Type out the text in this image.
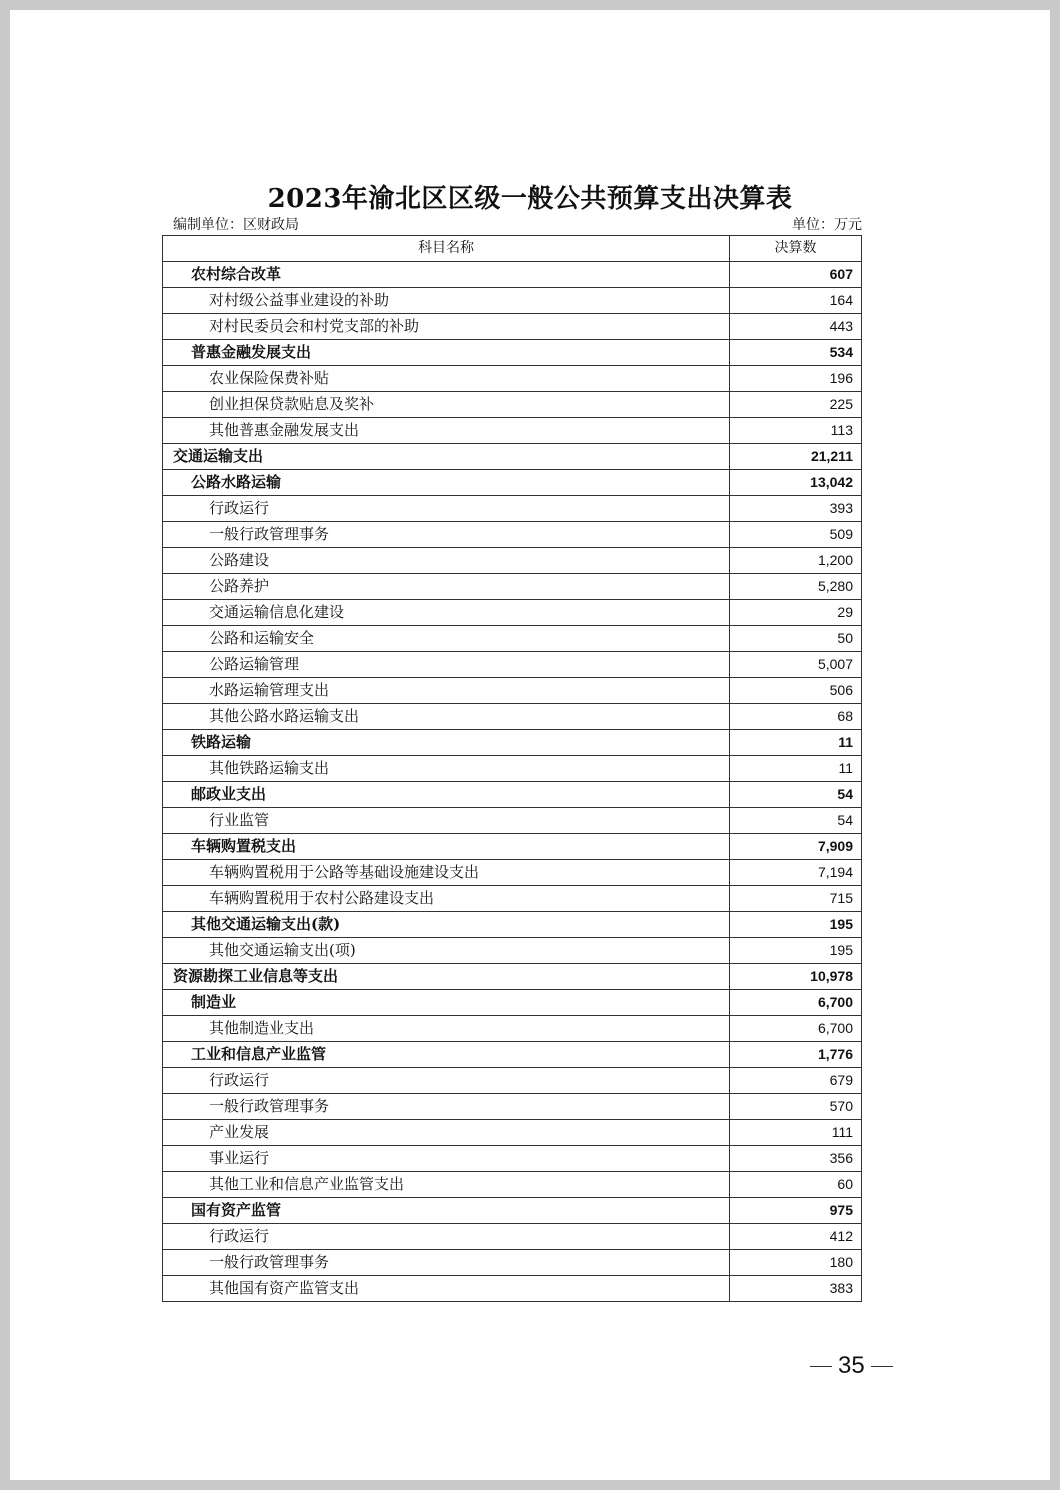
2023年渝北区区级一般公共预算支出决算表
编制单位：区财政局	单位：万元
科目名称	决算数
农村综合改革	607
对村级公益事业建设的补助	164
对村民委员会和村党支部的补助	443
普惠金融发展支出	534
农业保险保费补贴	196
创业担保贷款贴息及奖补	225
其他普惠金融发展支出	113
交通运输支出	21,211
公路水路运输	13,042
行政运行	393
一般行政管理事务	509
公路建设	1,200
公路养护	5,280
交通运输信息化建设	29
公路和运输安全	50
公路运输管理	5,007
水路运输管理支出	506
其他公路水路运输支出	68
铁路运输	11
其他铁路运输支出	11
邮政业支出	54
行业监管	54
车辆购置税支出	7,909
车辆购置税用于公路等基础设施建设支出	7,194
车辆购置税用于农村公路建设支出	715
其他交通运输支出(款)	195
其他交通运输支出(项)	195
资源勘探工业信息等支出	10,978
制造业	6,700
其他制造业支出	6,700
工业和信息产业监管	1,776
行政运行	679
一般行政管理事务	570
产业发展	111
事业运行	356
其他工业和信息产业监管支出	60
国有资产监管	975
行政运行	412
一般行政管理事务	180
其他国有资产监管支出	383
35
